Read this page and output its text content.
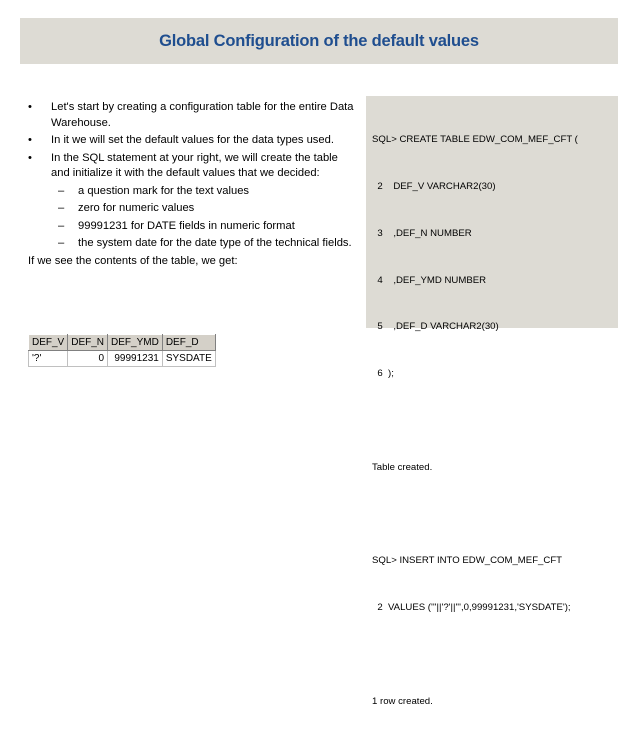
Global Configuration of the default values
• Let's start by creating a configuration table for the entire Data Warehouse.
• In it we will set the default values for the data types used.
• In the SQL statement at your right, we will create the table and initialize it with the default values that we decided:
– a question mark for the text values
– zero for numeric values
– 99991231 for DATE fields in numeric format
– the system date for the date type of the technical fields.
If we see the contents of the table, we get:

SQL> CREATE TABLE EDW_COM_MEF_CFT (

2    DEF_V VARCHAR2(30)

3    ,DEF_N NUMBER

4    ,DEF_YMD NUMBER

5    ,DEF_D VARCHAR2(30)

6  );

Table created.

SQL> INSERT INTO EDW_COM_MEF_CFT

2  VALUES ('''||'?'||''',0,99991231,'SYSDATE');

1 row created.

DEF_V	DEF_N	DEF_YMD	DEF_D
'?'	0	99991231	SYSDATE
